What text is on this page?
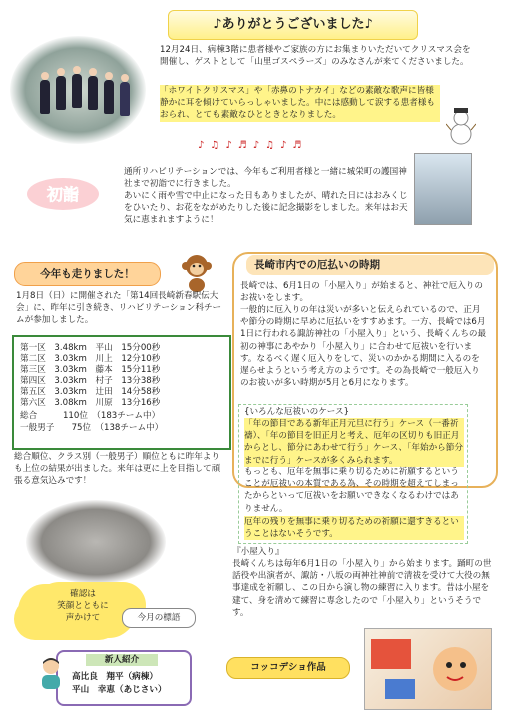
♪ありがとうございました♪

12月24日、病棟3階に患者様やご家族の方にお集まりいただいてクリスマス会を開催し、ゲストとして「山里ゴスペラーズ」のみなさんが来てくださいました。

「ホワイトクリスマス」や「赤鼻のトナカイ」などの素敵な歌声に皆様静かに耳を傾けていらっしゃいました。中には感動して涙する患者様もおられ、とても素敵なひとときとなりました。

♪♫♪♬♪♫♪♬
初詣

通所リハビリテーションでは、今年もご利用者様と一緒に城栄町の護国神社まで初詣でに行きました。

あいにく雨や雪で中止になった日もありましたが、晴れた日にはおみくじをひいたり、お花をながめたりした後に記念撮影をしました。来年はお天気に恵まれますように！

今年も走りました！

1月8日（日）に開催された「第14回長崎新春駅伝大会」に、昨年に引き続き、リハビリテーション科チームが参加しました。

第一区　 3.48km　 平山　 15分00秒
第二区　 3.03km　 川上　 12分10秒
第三区　 3.03km　 藤本　 15分11秒
第四区　 3.03km　 村子　 13分38秒
第五区　 3.03km　 辻田　 14分58秒
第六区　 3.08km　 川原　 13分16秒
総合　　　110位　（183チーム中）
一般男子　　75位　（138チーム中）

総合順位、クラス別（一般男子）順位ともに昨年よりも上位の結果が出ました。来年は更に上を目指して頑張る意気込みです！

確認は
笑顔とともに
声かけて	今月の標語
新人紹介
高比良　翔平（病棟）
平山　幸恵（あじさい）
長崎市内での厄払いの時期

長崎では、6月1日の「小屋入り」が始まると、神社で厄入りのお祓いをします。

一般的に厄入りの年は災いが多いと伝えられているので、正月や節分の時期に早めに厄払いをすすめます。一方、長崎では6月1日に行われる諏訪神社の「小屋入り」という、長崎くんちの最初の神事にあやかり「小屋入り」に合わせて厄祓いを行います。なるべく遅く厄入りをして、災いのかかる期間に入るのを遅らせようという考え方のようです。その為長崎で一般厄入りのお祓いが多い時期が5月と6月になります。

{いろんな厄祓いのケース}

「年の節目である新年正月元旦に行う」ケース（一番祈禱）、「年の節目を旧正月と考え、厄年の区切りも旧正月からとし、節分にあわせて行う」ケース、「年始から節分までに行う」ケースが多くみられます。

もっとも、厄年を無事に乗り切るために祈願するということが厄祓いの本質である為、その時期を超えてしまったからといって厄祓いをお願いできなくなるわけではありません。

厄年の残りを無事に乗り切るための祈願に還すきるということはないそうです。

『小屋入り』

長崎くんちは毎年6月1日の「小屋入り」から始まります。踊町の世話役や出演者が、諏訪・八坂の両神社神前で清祓を受けて大役の無事達成を祈願し、この日から演し物の練習に入ります。昔は小屋を建て、身を清めて練習に専念したので「小屋入り」というそうです。

コッコデショ作品
